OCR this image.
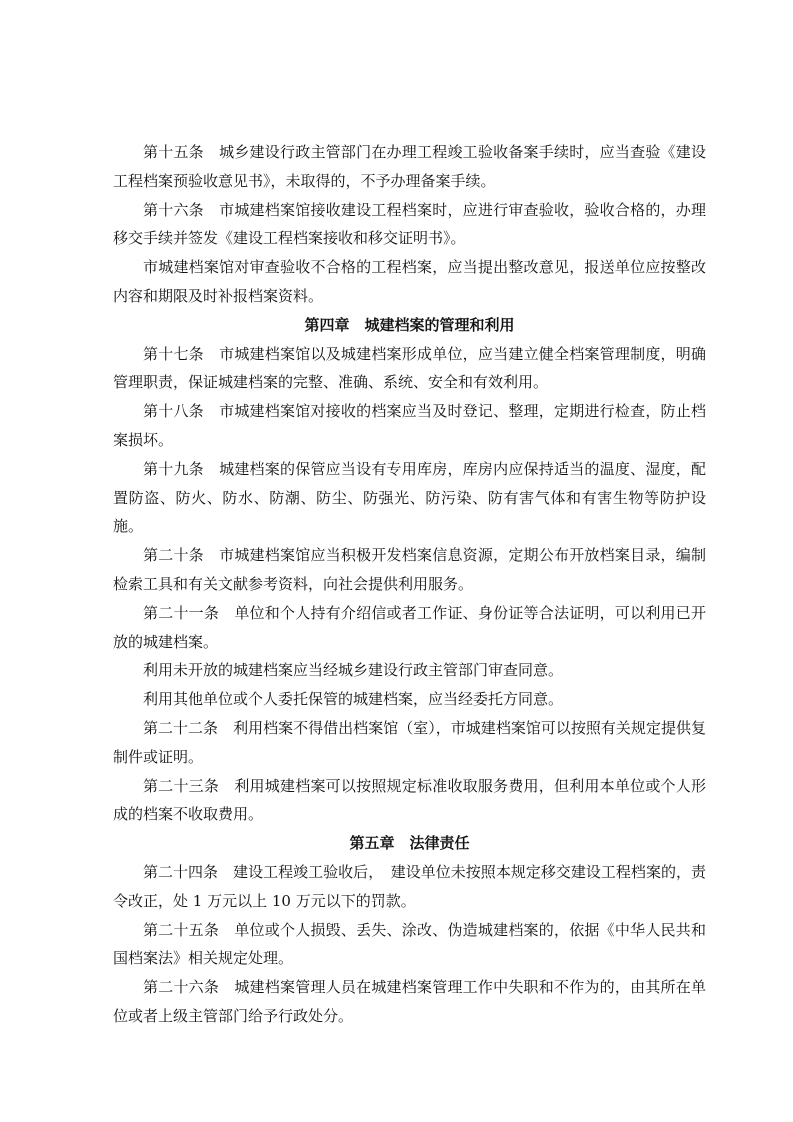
第十五条　城乡建设行政主管部门在办理工程竣工验收备案手续时，应当查验《建设工程档案预验收意见书》，未取得的，不予办理备案手续。

第十六条　市城建档案馆接收建设工程档案时，应进行审查验收，验收合格的，办理移交手续并签发《建设工程档案接收和移交证明书》。

市城建档案馆对审查验收不合格的工程档案，应当提出整改意见，报送单位应按整改内容和期限及时补报档案资料。

第四章　城建档案的管理和利用

第十七条　市城建档案馆以及城建档案形成单位，应当建立健全档案管理制度，明确管理职责，保证城建档案的完整、准确、系统、安全和有效利用。

第十八条　市城建档案馆对接收的档案应当及时登记、整理，定期进行检查，防止档案损坏。

第十九条　城建档案的保管应当设有专用库房，库房内应保持适当的温度、湿度，配置防盗、防火、防水、防潮、防尘、防强光、防污染、防有害气体和有害生物等防护设施。

第二十条　市城建档案馆应当积极开发档案信息资源，定期公布开放档案目录，编制检索工具和有关文献参考资料，向社会提供利用服务。

第二十一条　单位和个人持有介绍信或者工作证、身份证等合法证明，可以利用已开放的城建档案。

利用未开放的城建档案应当经城乡建设行政主管部门审查同意。

利用其他单位或个人委托保管的城建档案，应当经委托方同意。

第二十二条　利用档案不得借出档案馆（室），市城建档案馆可以按照有关规定提供复制件或证明。

第二十三条　利用城建档案可以按照规定标准收取服务费用，但利用本单位或个人形成的档案不收取费用。

第五章　法律责任

第二十四条　建设工程竣工验收后，　建设单位未按照本规定移交建设工程档案的，责令改正，处 1 万元以上 10 万元以下的罚款。

第二十五条　单位或个人损毁、丢失、涂改、伪造城建档案的，依据《中华人民共和国档案法》相关规定处理。

第二十六条　城建档案管理人员在城建档案管理工作中失职和不作为的，由其所在单位或者上级主管部门给予行政处分。
